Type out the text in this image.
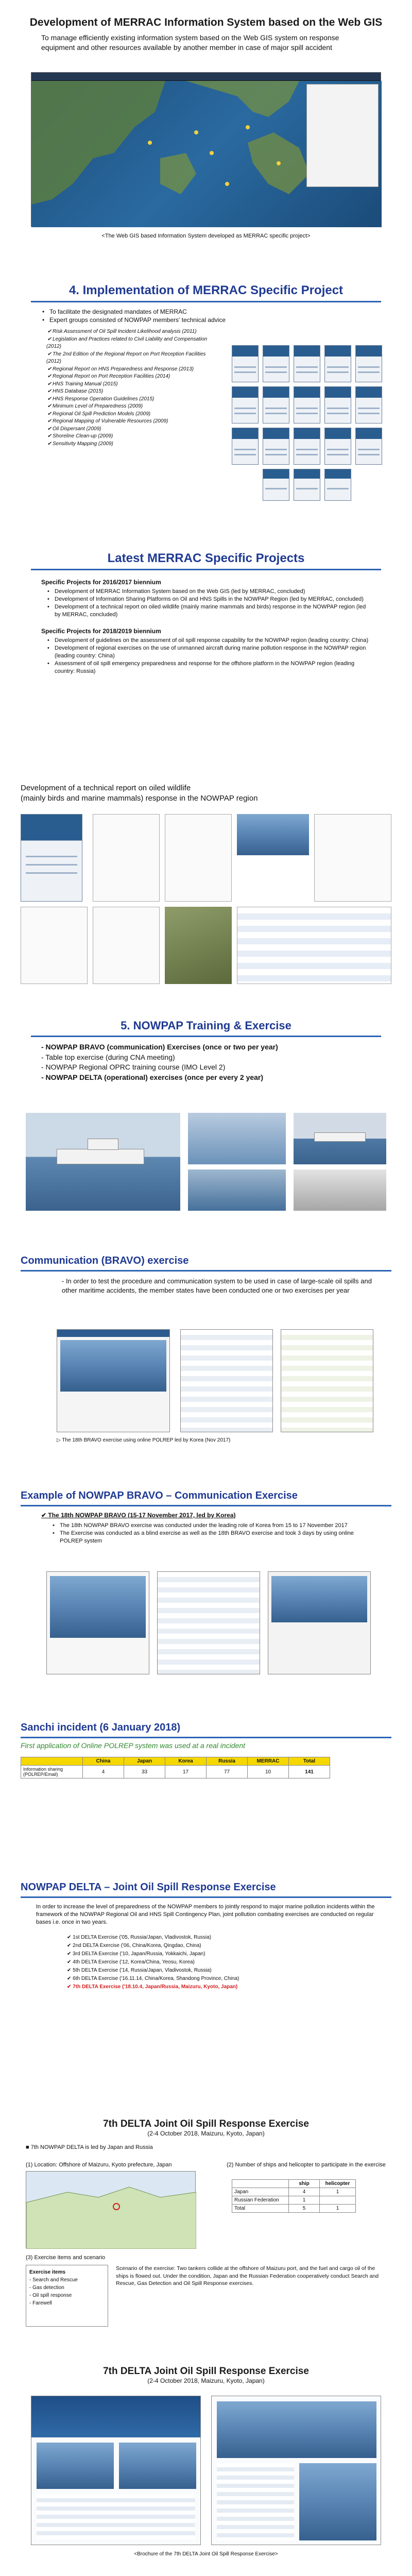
Development of MERRAC Information System based on the Web GIS

To manage efficiently existing information system based on the Web GIS system on response equipment and other resources available by another member in case of major spill accident

<The Web GIS based Information System developed as MERRAC specific project>
4. Implementation of MERRAC Specific Project
• To facilitate the designated mandates of MERRAC
• Expert groups consisted of NOWPAP members' technical advice
✔ Risk Assessment of Oil Spill Incident Likelihood analysis (2011)
✔ Legislation and Practices related to Civil Liability and Compensation (2012)
✔ The 2nd Edition of the Regional Report on Port Reception Facilities (2012)
✔ Regional Report on HNS Preparedness and Response (2013)
✔ Regional Report on Port Reception Facilities (2014)
✔ HNS Training Manual (2015)
✔ HNS Database (2015)
✔ HNS Response Operation Guidelines (2015)
✔ Minimum Level of Preparedness (2009)
✔ Regional Oil Spill Prediction Models (2009)
✔ Regional Mapping of Vulnerable Resources (2009)
✔ Oil Dispersant (2009)
✔ Shoreline Clean-up (2009)
✔ Sensitivity Mapping (2009)
Latest MERRAC Specific Projects
Specific Projects for 2016/2017 biennium
• Development of MERRAC Information System based on the Web GIS (led by MERRAC, concluded)
• Development of Information Sharing Platforms on Oil and HNS Spills in the NOWPAP Region (led by MERRAC, concluded)
• Development of a technical report on oiled wildlife (mainly marine mammals and birds) response in the NOWPAP region (led by MERRAC, concluded)
Specific Projects for 2018/2019 biennium
• Development of guidelines on the assessment of oil spill response capability for the NOWPAP region (leading country: China)
• Development of regional exercises on the use of unmanned aircraft during marine pollution response in the NOWPAP region (leading country: China)
• Assessment of oil spill emergency preparedness and response for the offshore platform in the NOWPAP region (leading country: Russia)
Development of a technical report on oiled wildlife
(mainly birds and marine mammals) response in the NOWPAP region
5. NOWPAP Training & Exercise
- NOWPAP BRAVO (communication) Exercises (once or two per year)
- Table top exercise (during CNA meeting)
- NOWPAP Regional OPRC training course (IMO Level 2)
- NOWPAP DELTA (operational) exercises (once per every 2 year)
Communication (BRAVO) exercise

- In order to test the procedure and communication system to be used in case of large-scale oil spills and other maritime accidents, the member states have been conducted one or two exercises per year

▷ The 18th BRAVO exercise using online POLREP led by Korea (Nov 2017)
Example of NOWPAP BRAVO – Communication Exercise
✔ The 18th NOWPAP BRAVO (15-17 November 2017, led by Korea)
• The 18th NOWPAP BRAVO exercise was conducted under the leading role of Korea from 15 to 17 November 2017
• The Exercise was conducted as a blind exercise as well as the 18th BRAVO exercise and took 3 days by using online POLREP system
Sanchi incident (6 January 2018)
First application of Online POLREP system was used at a real incident
	China	Japan	Korea	Russia	MERRAC	Total
Information sharing (POLREP/Email)	4	33	17	77	10	141
NOWPAP DELTA – Joint Oil Spill Response Exercise

In order to increase the level of preparedness of the NOWPAP members to jointly respond to major marine pollution incidents within the framework of the NOWPAP Regional Oil and HNS Spill Contingency Plan, joint pollution combating exercises are conducted on regular bases i.e. once in two years.

✔ 1st DELTA Exercise ('05, Russia/Japan, Vladivostok, Russia)
✔ 2nd DELTA Exercise ('06, China/Korea, Qingdao, China)
✔ 3rd DELTA Exercise ('10, Japan/Russia, Yokkaichi, Japan)
✔ 4th DELTA Exercise ('12, Korea/China, Yeosu, Korea)
✔ 5th DELTA Exercise ('14, Russia/Japan, Vladivostok, Russia)
✔ 6th DELTA Exercise ('16.11.14, China/Korea, Shandong Province, China)
✔ 7th DELTA Exercise ('18.10.4, Japan/Russia, Maizuru, Kyoto, Japan)
7th DELTA Joint Oil Spill Response Exercise
(2-4 October 2018, Maizuru, Kyoto, Japan)
■ 7th NOWPAP DELTA is led by Japan and Russia
(1) Location: Offshore of Maizuru, Kyoto prefecture, Japan	(2) Number of ships and helicopter to participate in the exercise
	ship	helicopter
Japan	4	1
Russian Federation	1	
Total	5	1
(3) Exercise items and scenario
Exercise items
- Search and Rescue
- Gas detection
- Oil spill response
- Farewell
Scenario of the exercise: Two tankers collide at the offshore of Maizuru port, and the fuel and cargo oil of the ships is flowed out. Under the condition, Japan and the Russian Federation cooperatively conduct Search and Rescue, Gas Detection and Oil Spill Response exercises.
7th DELTA Joint Oil Spill Response Exercise
(2-4 October 2018, Maizuru, Kyoto, Japan)
<Brochure of the 7th DELTA Joint Oil Spill Response Exercise>
